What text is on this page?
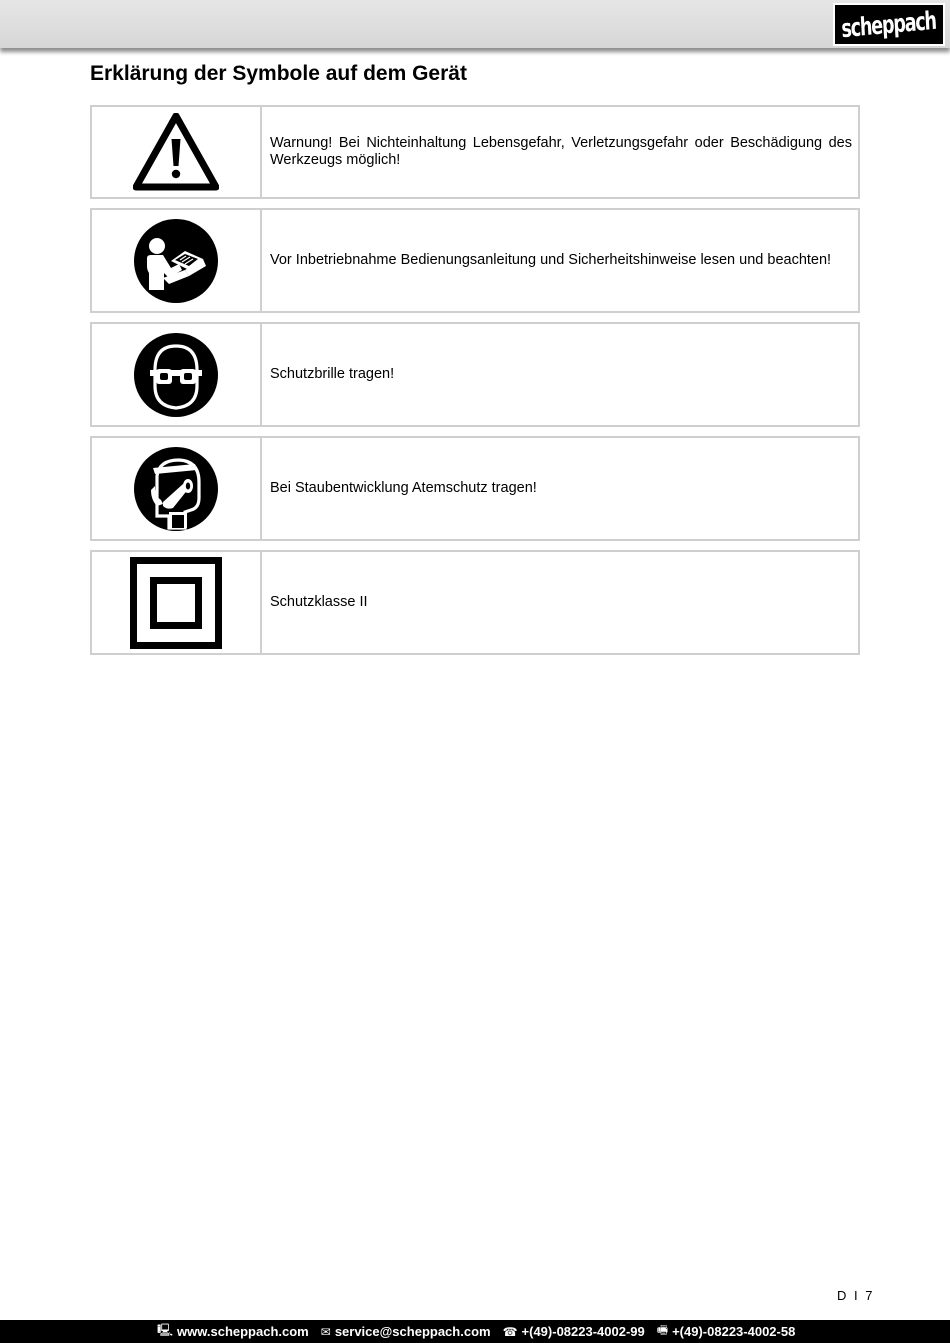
scheppach
Erklärung der Symbole auf dem Gerät
Warnung! Bei Nichteinhaltung Lebensgefahr, Verletzungsgefahr oder Beschädigung des Werkzeugs möglich!
Vor Inbetriebnahme Bedienungsanleitung und Sicherheitshinweise lesen und beachten!
Schutzbrille tragen!
Bei Staubentwicklung Atemschutz tragen!
Schutzklasse II
D I 7
🖳 www.scheppach.com ✉ service@scheppach.com ☎ +(49)-08223-4002-99 🖷 +(49)-08223-4002-58
